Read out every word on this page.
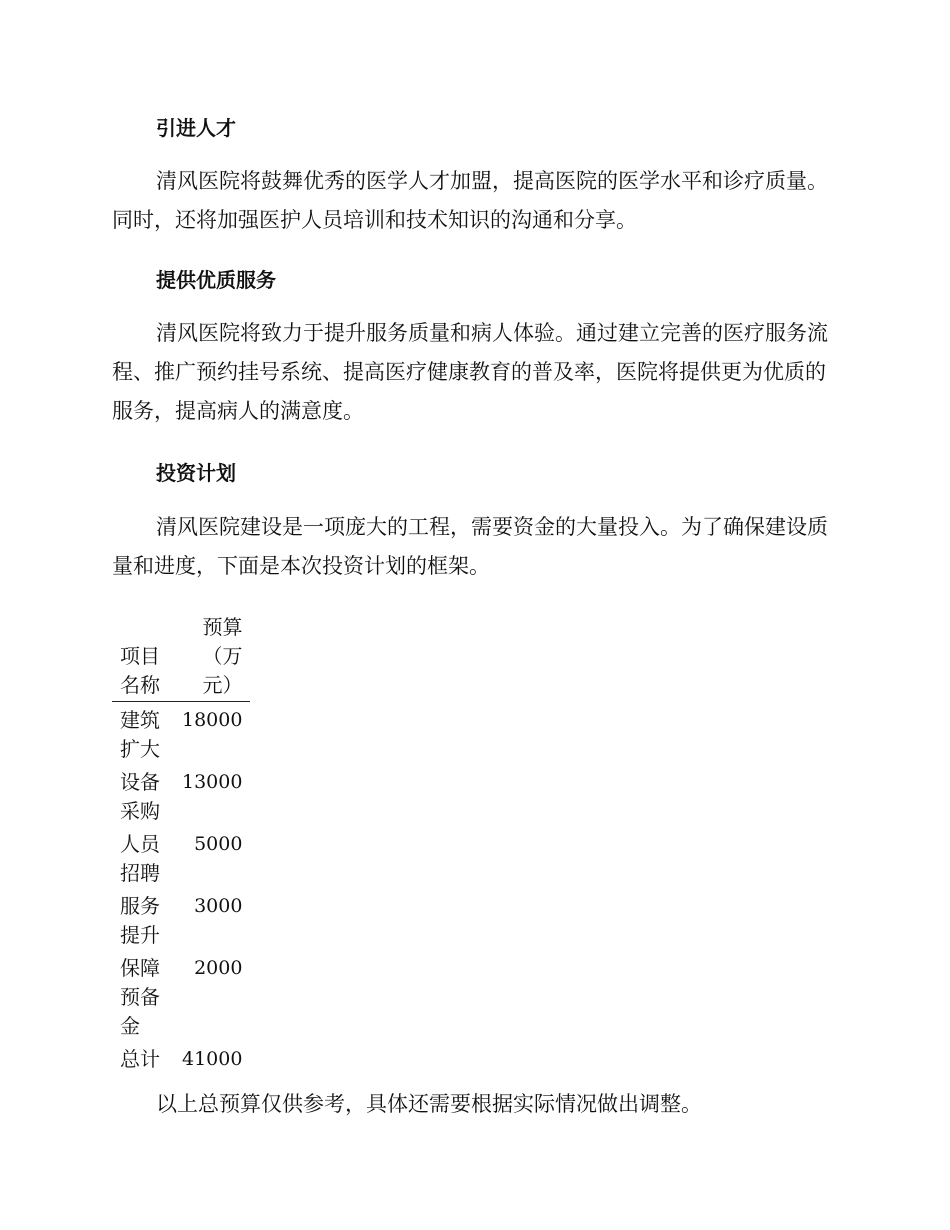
引进人才

清风医院将鼓舞优秀的医学人才加盟，提高医院的医学水平和诊疗质量。同时，还将加强医护人员培训和技术知识的沟通和分享。

提供优质服务

清风医院将致力于提升服务质量和病人体验。通过建立完善的医疗服务流程、推广预约挂号系统、提高医疗健康教育的普及率，医院将提供更为优质的服务，提高病人的满意度。

投资计划

清风医院建设是一项庞大的工程，需要资金的大量投入。为了确保建设质量和进度，下面是本次投资计划的框架。

项目名称	预算（万元）
建筑扩大	18000
设备采购	13000
人员招聘	5000
服务提升	3000
保障预备金	2000
总计	41000

以上总预算仅供参考，具体还需要根据实际情况做出调整。
